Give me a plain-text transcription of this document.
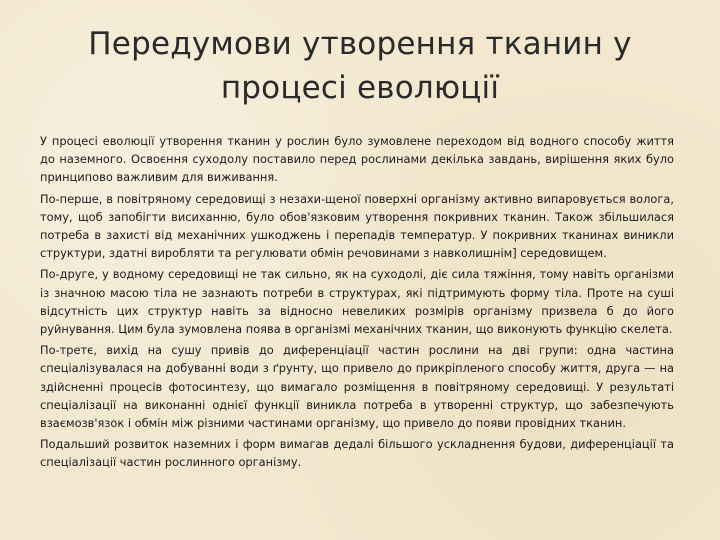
Передумови утворення тканин у процесі еволюції

У процесі еволюції утворення тканин у рослин було зумовлене переходом від водного способу життя до наземного. Освоєння суходолу поставило перед рослинами декілька завдань, вирішення яких було принципово важливим для виживання.

По-перше, в повітряному середовищі з незахи-щеної поверхні організму активно випаровується волога, тому, щоб запобігти висиханню, було обов'язковим утворення покривних тканин. Також збільшилася потреба в захисті від механічних ушкоджень і перепадів температур. У покривних тканинах виникли структури, здатні виробляти та регулювати обмін речовинами з навколишнім] середовищем.

По-друге, у водному середовищі не так сильно, як на суходолі, діє сила тяжіння, тому навіть організми із значною масою тіла не зазнають потреби в структурах, які підтримують форму тіла. Проте на суші відсутність цих структур навіть за відносно невеликих розмірів організму призвела б до його руйнування. Цим була зумовлена поява в організмі механічних тканин, що виконують функцію скелета.

По-третє, вихід на сушу привів до диференціації частин рослини на дві групи: одна частина спеціалізувалася на добуванні води з ґрунту, що привело до прикріпленого способу життя, друга — на здійсненні процесів фотосинтезу, що вимагало розміщення в повітряному середовищі. У результаті спеціалізації на виконанні однієї функції виникла потреба в утворенні структур, що забезпечують взаємозв'язок і обмін між різними частинами організму, що привело до появи провідних тканин.

Подальший розвиток наземних і форм вимагав дедалі більшого ускладнення будови, диференціації та спеціалізації частин рослинного організму.
